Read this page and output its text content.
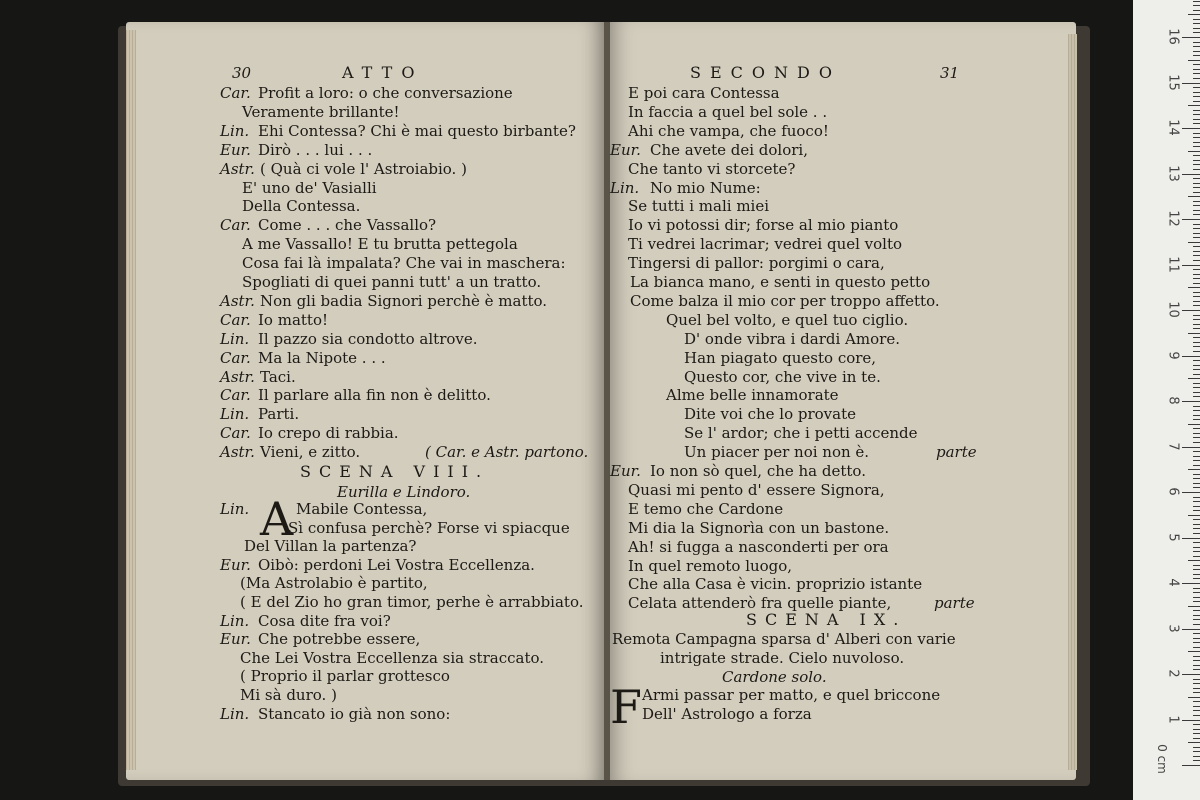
30	ATTO
Car. Profit a loro: o che conversazione
Veramente brillante!
Lin. Ehi Contessa? Chi è mai questo birbante?
Eur. Dirò . . . lui . . .
Astr. ( Quà ci vole l' Astroiabio. )
E' uno de' Vasialli
Della Contessa.
Car. Come . . . che Vassallo?
A me Vassallo! E tu brutta pettegola
Cosa fai là impalata? Che vai in maschera:
Spogliati di quei panni tutt' a un tratto.
Astr. Non gli badia Signori perchè è matto.
Car. Io matto!
Lin. Il pazzo sia condotto altrove.
Car. Ma la Nipote . . .
Astr. Taci.
Car. Il parlare alla fin non è delitto.
Lin. Parti.
Car. Io crepo di rabbia.
Astr. Vieni, e zitto.	( Car. e Astr. partono.
SCENA VIII.
Eurilla e Lindoro.
A
Lin.	Mabile Contessa,
Sì confusa perchè? Forse vi spiacque
Del Villan la partenza?
Eur. Oibò: perdoni Lei Vostra Eccellenza.
(Ma Astrolabio è partito,
( E del Zio ho gran timor, perhe è arrabbiato.
Lin. Cosa dite fra voi?
Eur. Che potrebbe essere,
Che Lei Vostra Eccellenza sia straccato.
( Proprio il parlar grottesco
Mi sà duro. )
Lin. Stancato io già non sono:
SECONDO	31
E poi cara Contessa
In faccia a quel bel sole . .
Ahi che vampa, che fuoco!
Eur. Che avete dei dolori,
Che tanto vi storcete?
Lin. No mio Nume:
Se tutti i mali miei
Io vi potossi dir; forse al mio pianto
Ti vedrei lacrimar; vedrei quel volto
Tingersi di pallor: porgimi o cara,
La bianca mano, e senti in questo petto
Come balza il mio cor per troppo affetto.
Quel bel volto, e quel tuo ciglio.
D' onde vibra i dardi Amore.
Han piagato questo core,
Questo cor, che vive in te.
Alme belle innamorate
Dite voi che lo provate
Se l' ardor; che i petti accende
Un piacer per noi non è.	parte
Eur. Io non sò quel, che ha detto.
Quasi mi pento d' essere Signora,
E temo che Cardone
Mi dia la Signorìa con un bastone.
Ah! si fugga a nasconderti per ora
In quel remoto luogo,
Che alla Casa è vicin. proprizio istante
Celata attenderò fra quelle piante,	parte
SCENA IX.
Remota Campagna sparsa d' Alberi con varie
intrigate strade. Cielo nuvoloso.
Cardone solo.
F Armi passar per matto, e quel briccone
Dell' Astrologo a forza
0 cm
1
2
3
4
5
6
7
8
9
10
11
12
13
14
15
16
